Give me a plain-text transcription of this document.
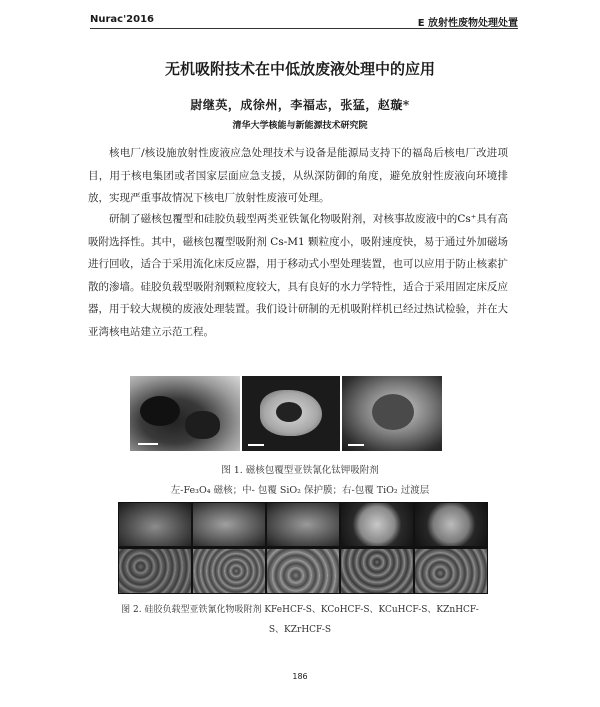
Nurac'2016	E 放射性废物处理处置
无机吸附技术在中低放废液处理中的应用
尉继英，成徐州，李福志，张猛，赵璇*
清华大学核能与新能源技术研究院
核电厂/核设施放射性废液应急处理技术与设备是能源局支持下的福岛后核电厂改进项目，用于核电集团或者国家层面应急支援，从纵深防御的角度，避免放射性废液向环境排放，实现严重事故情况下核电厂放射性废液可处理。
研制了磁核包覆型和硅胶负载型两类亚铁氰化物吸附剂，对核事故废液中的Cs⁺具有高吸附选择性。其中，磁核包覆型吸附剂 Cs-M1 颗粒度小，吸附速度快，易于通过外加磁场进行回收，适合于采用流化床反应器，用于移动式小型处理装置，也可以应用于防止核素扩散的渗墙。硅胶负载型吸附剂颗粒度较大，具有良好的水力学特性，适合于采用固定床反应器，用于较大规模的废液处理装置。我们设计研制的无机吸附样机已经过热试检验，并在大亚湾核电站建立示范工程。
图 1. 磁核包覆型亚铁氰化钛钾吸附剂
左-Fe₃O₄ 磁核；中- 包覆 SiO₂ 保护膜；右-包覆 TiO₂ 过渡层
图 2. 硅胶负载型亚铁氰化物吸附剂 KFeHCF-S、KCoHCF-S、KCuHCF-S、KZnHCF-
S、KZrHCF-S
186
